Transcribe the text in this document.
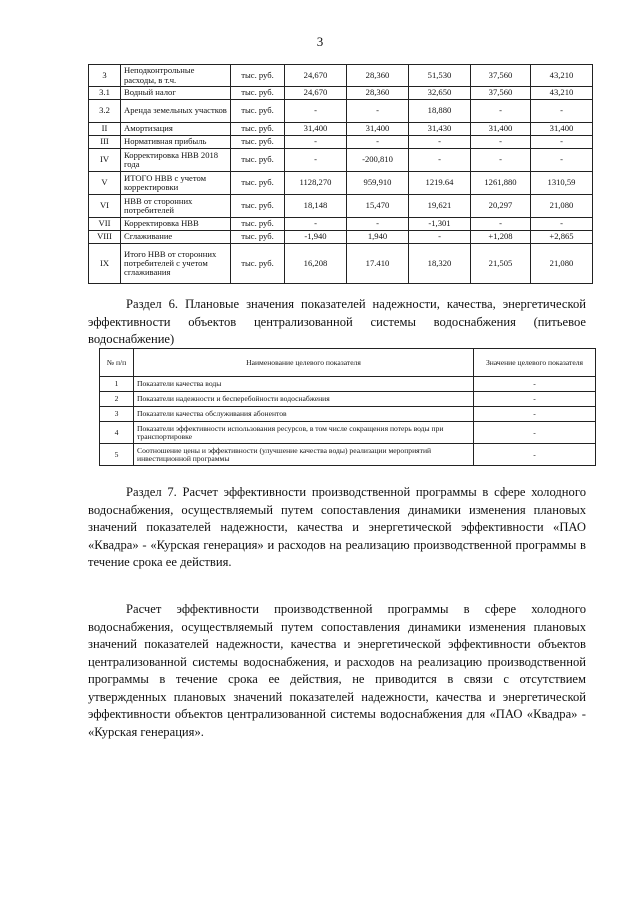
3
3	Неподконтрольные расходы, в т.ч.	тыс. руб.	24,670	28,360	51,530	37,560	43,210
3.1	Водный налог	тыс. руб.	24,670	28,360	32,650	37,560	43,210
3.2	Аренда земельных участков	тыс. руб.	-	-	18,880	-	-
II	Амортизация	тыс. руб.	31,400	31,400	31,430	31,400	31,400
III	Нормативная прибыль	тыс. руб.	-	-	-	-	-
IV	Корректировка НВВ 2018 года	тыс. руб.	-	-200,810	-	-	-
V	ИТОГО НВВ с учетом корректировки	тыс. руб.	1128,270	959,910	1219.64	1261,880	1310,59
VI	НВВ от сторонних потребителей	тыс. руб.	18,148	15,470	19,621	20,297	21,080
VII	Корректировка НВВ	тыс. руб.	-	-	-1,301	-	-
VIII	Сглаживание	тыс. руб.	-1,940	1,940	-	+1,208	+2,865
IX	Итого НВВ от сторонних потребителей с учетом сглаживания	тыс. руб.	16,208	17.410	18,320	21,505	21,080
Раздел 6. Плановые значения показателей надежности, качества, энергетической эффективности объектов централизованной системы водоснабжения (питьевое водоснабжение)
№ п/п	Наименование целевого показателя	Значение целевого показателя
1	Показатели качества воды	-
2	Показатели надежности и бесперебойности водоснабжения	-
3	Показатели качества обслуживания абонентов	-
4	Показатели эффективности использования ресурсов, в том числе сокращения потерь воды при транспортировке	-
5	Соотношение цены и эффективности (улучшение качества воды) реализации мероприятий инвестиционной программы	-
Раздел 7. Расчет эффективности производственной программы в сфере холодного водоснабжения, осуществляемый путем сопоставления динамики изменения плановых значений показателей надежности, качества и энергетической эффективности «ПАО «Квадра» - «Курская генерация» и расходов на реализацию производственной программы в течение срока ее действия.
Расчет эффективности производственной программы в сфере холодного водоснабжения, осуществляемый путем сопоставления динамики изменения плановых значений показателей надежности, качества и энергетической эффективности объектов централизованной системы водоснабжения, и расходов на реализацию производственной программы в течение срока ее действия, не приводится в связи с отсутствием утвержденных плановых значений показателей надежности, качества и энергетической эффективности объектов централизованной системы водоснабжения для «ПАО «Квадра» - «Курская генерация».
